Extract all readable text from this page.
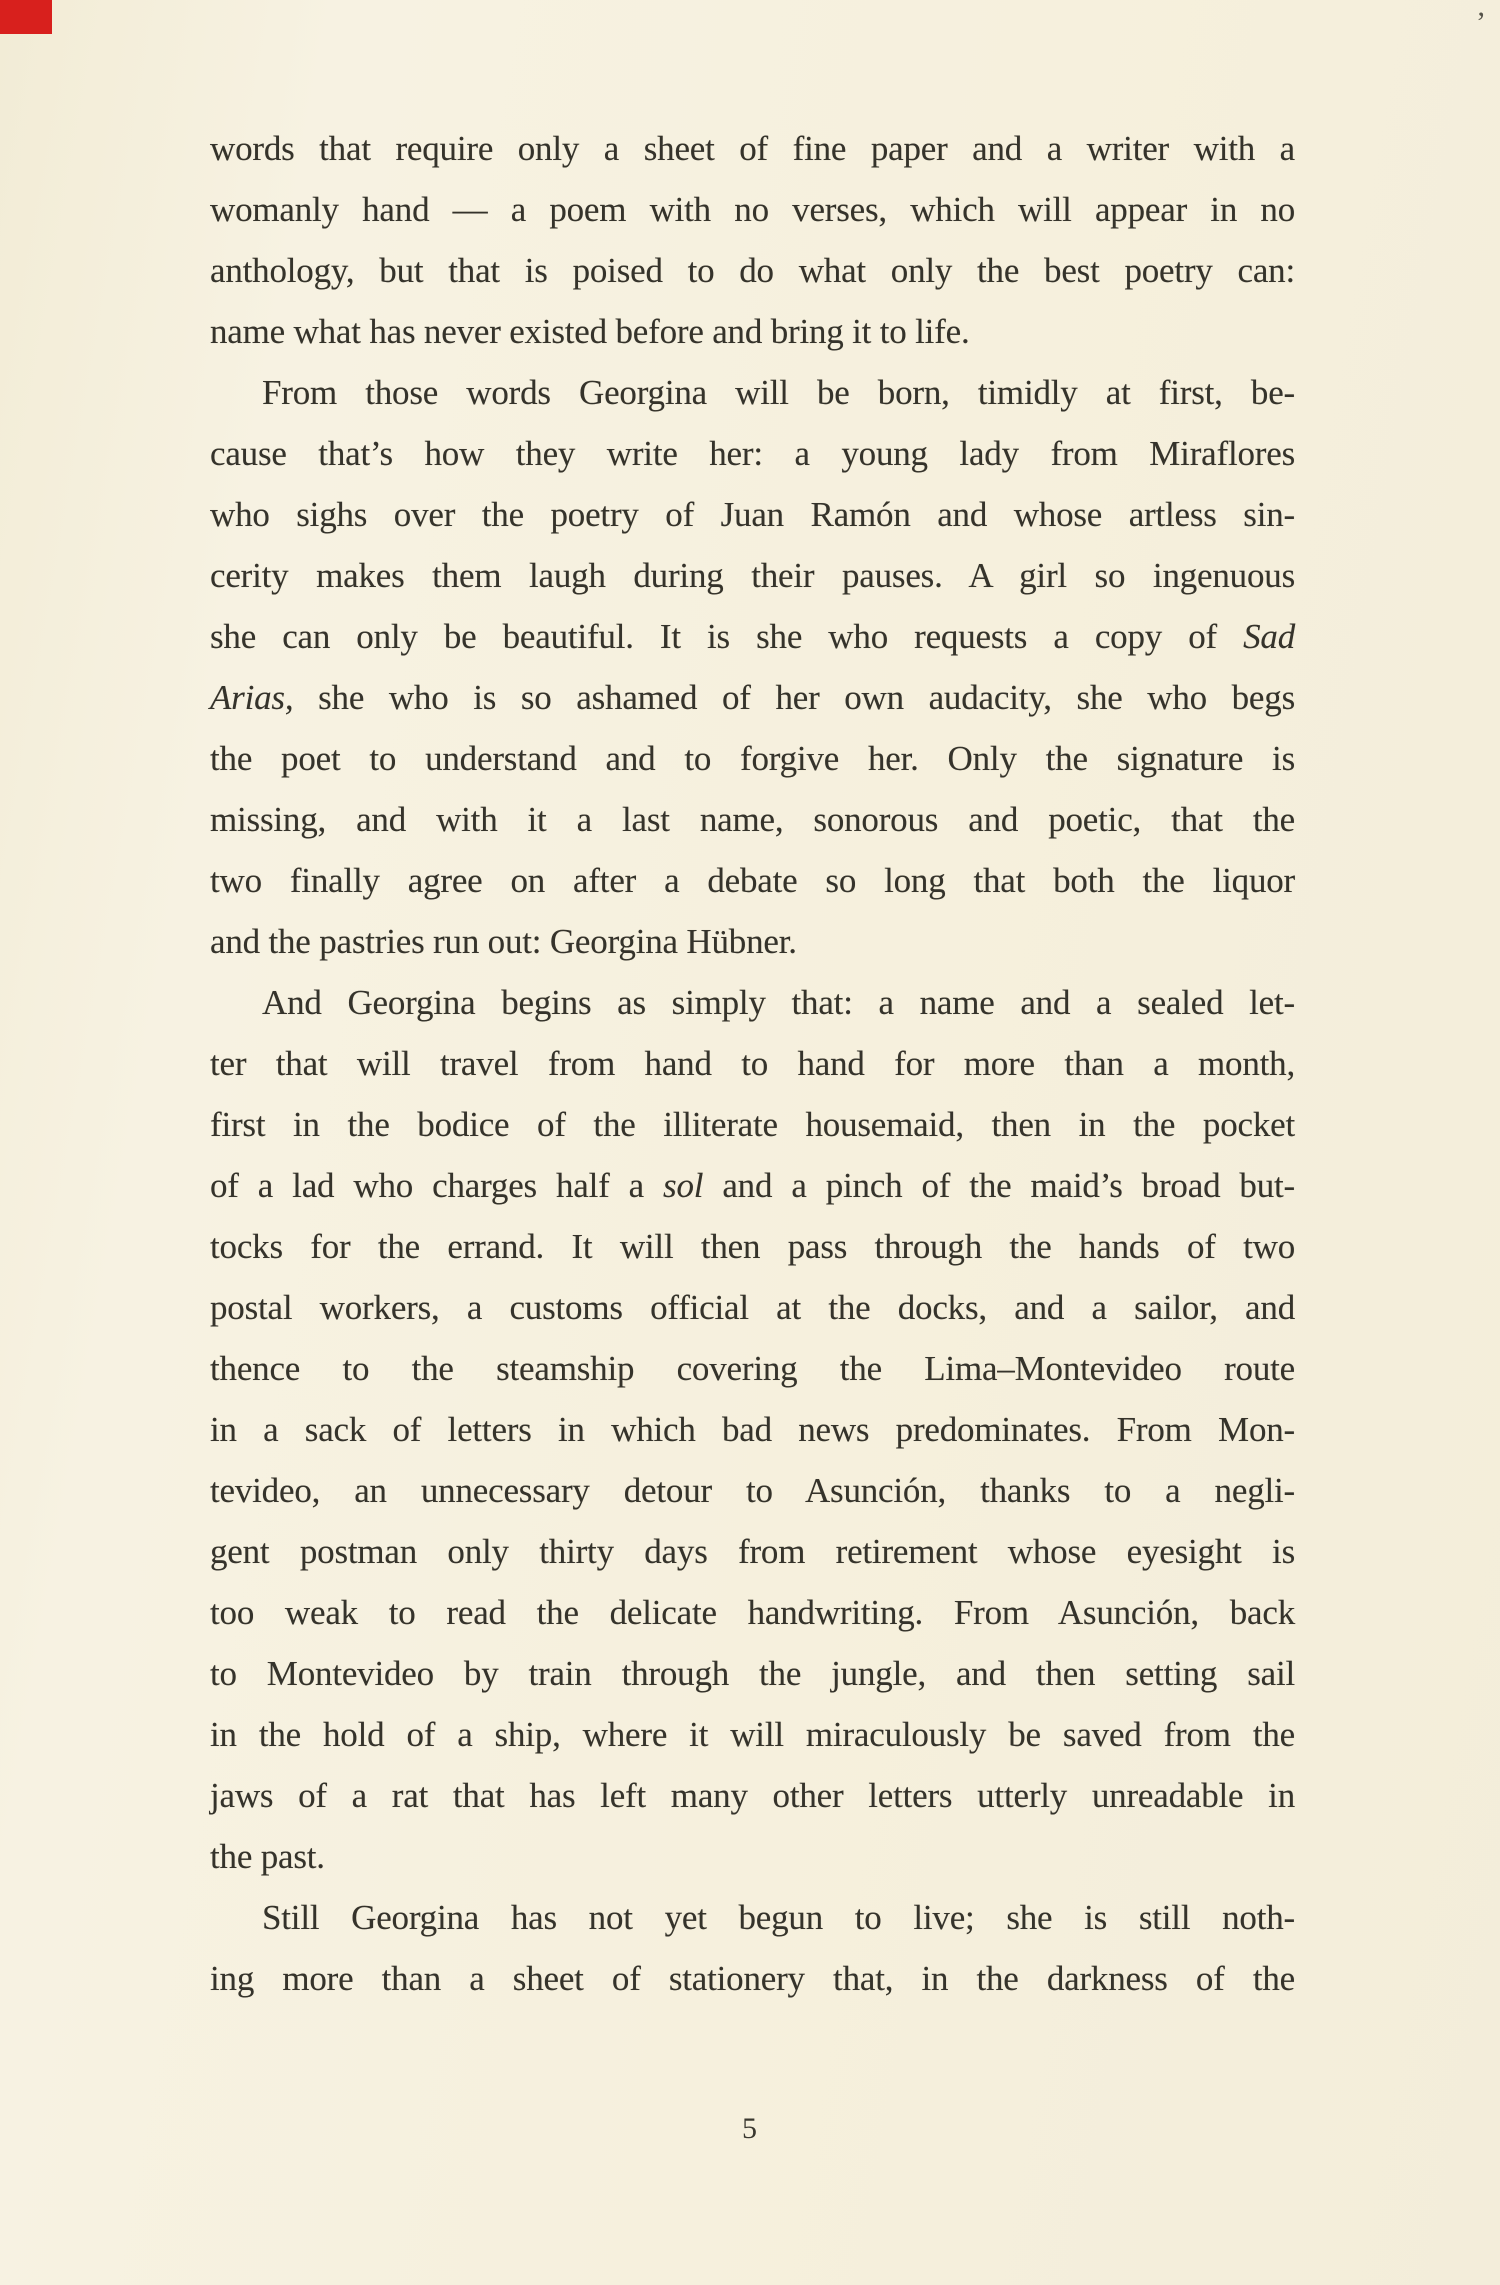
’
words that require only a sheet of fine paper and a writer with a
womanly hand — a poem with no verses, which will appear in no
anthology, but that is poised to do what only the best poetry can:
name what has never existed before and bring it to life.
From those words Georgina will be born, timidly at first, be-
cause that’s how they write her: a young lady from Miraflores
who sighs over the poetry of Juan Ramón and whose artless sin-
cerity makes them laugh during their pauses. A girl so ingenuous
she can only be beautiful. It is she who requests a copy of Sad
Arias, she who is so ashamed of her own audacity, she who begs
the poet to understand and to forgive her. Only the signature is
missing, and with it a last name, sonorous and poetic, that the
two finally agree on after a debate so long that both the liquor
and the pastries run out: Georgina Hübner.
And Georgina begins as simply that: a name and a sealed let-
ter that will travel from hand to hand for more than a month,
first in the bodice of the illiterate housemaid, then in the pocket
of a lad who charges half a sol and a pinch of the maid’s broad but-
tocks for the errand. It will then pass through the hands of two
postal workers, a customs official at the docks, and a sailor, and
thence to the steamship covering the Lima–Montevideo route
in a sack of letters in which bad news predominates. From Mon-
tevideo, an unnecessary detour to Asunción, thanks to a negli-
gent postman only thirty days from retirement whose eyesight is
too weak to read the delicate handwriting. From Asunción, back
to Montevideo by train through the jungle, and then setting sail
in the hold of a ship, where it will miraculously be saved from the
jaws of a rat that has left many other letters utterly unreadable in
the past.
Still Georgina has not yet begun to live; she is still noth-
ing more than a sheet of stationery that, in the darkness of the
5
